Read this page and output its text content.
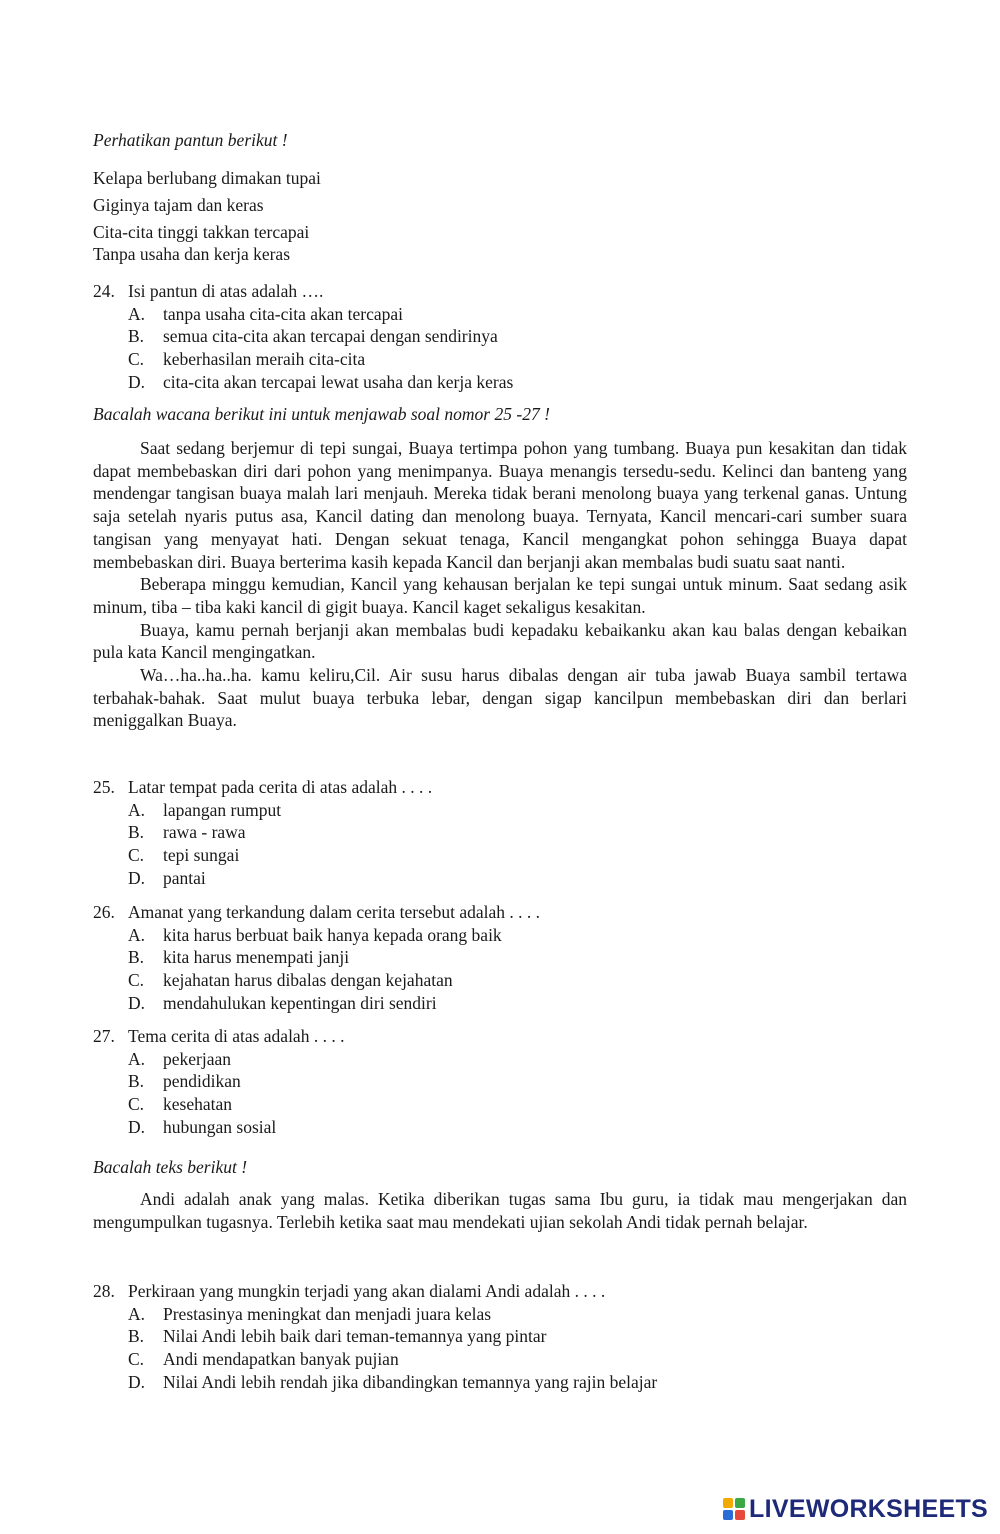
Perhatikan pantun berikut !
Kelapa berlubang dimakan tupai
Giginya tajam dan keras
Cita-cita tinggi takkan tercapai
Tanpa usaha dan kerja keras
24. Isi pantun di atas adalah ….
A.	tanpa usaha cita-cita akan tercapai
B.	semua cita-cita akan tercapai dengan sendirinya
C.	keberhasilan meraih cita-cita
D.	cita-cita akan tercapai lewat usaha dan kerja keras
Bacalah wacana berikut ini untuk menjawab soal nomor 25 -27 !

Saat sedang berjemur di tepi sungai, Buaya tertimpa pohon yang tumbang. Buaya pun kesakitan dan tidak dapat membebaskan diri dari pohon yang menimpanya. Buaya menangis tersedu-sedu. Kelinci dan banteng yang mendengar tangisan buaya malah lari menjauh. Mereka tidak berani menolong buaya yang terkenal ganas. Untung saja setelah nyaris putus asa, Kancil dating dan menolong buaya. Ternyata, Kancil mencari-cari sumber suara tangisan yang menyayat hati. Dengan sekuat tenaga, Kancil mengangkat pohon sehingga Buaya dapat membebaskan diri. Buaya berterima kasih kepada Kancil dan berjanji akan membalas budi suatu saat nanti.

Beberapa minggu kemudian, Kancil yang kehausan berjalan ke tepi sungai untuk minum. Saat sedang asik minum, tiba – tiba kaki kancil di gigit buaya. Kancil kaget sekaligus kesakitan.

Buaya, kamu pernah berjanji akan membalas budi kepadaku kebaikanku akan kau balas dengan kebaikan pula kata Kancil mengingatkan.

Wa…ha..ha..ha. kamu keliru,Cil. Air susu harus dibalas dengan air tuba jawab Buaya sambil tertawa terbahak-bahak. Saat mulut buaya terbuka lebar, dengan sigap kancilpun membebaskan diri dan berlari meniggalkan Buaya.

25. Latar tempat pada cerita di atas adalah . . . .
A.	lapangan rumput
B.	rawa - rawa
C.	tepi sungai
D.	pantai
26. Amanat yang terkandung dalam cerita tersebut adalah . . . .
A.	kita harus berbuat baik hanya kepada orang baik
B.	kita harus menempati janji
C.	kejahatan harus dibalas dengan kejahatan
D.	mendahulukan kepentingan diri sendiri
27. Tema cerita di atas adalah . . . .
A.	pekerjaan
B.	pendidikan
C.	kesehatan
D.	hubungan sosial
Bacalah teks berikut !

Andi adalah anak yang malas. Ketika diberikan tugas sama Ibu guru, ia tidak mau mengerjakan dan mengumpulkan tugasnya. Terlebih ketika saat mau mendekati ujian sekolah Andi tidak pernah belajar.

28. Perkiraan yang mungkin terjadi yang akan dialami Andi adalah . . . .
A.	Prestasinya meningkat dan menjadi juara kelas
B.	Nilai Andi lebih baik dari teman-temannya yang pintar
C.	Andi mendapatkan banyak pujian
D.	Nilai Andi lebih rendah jika dibandingkan temannya yang rajin belajar
LIVEWORKSHEETS
